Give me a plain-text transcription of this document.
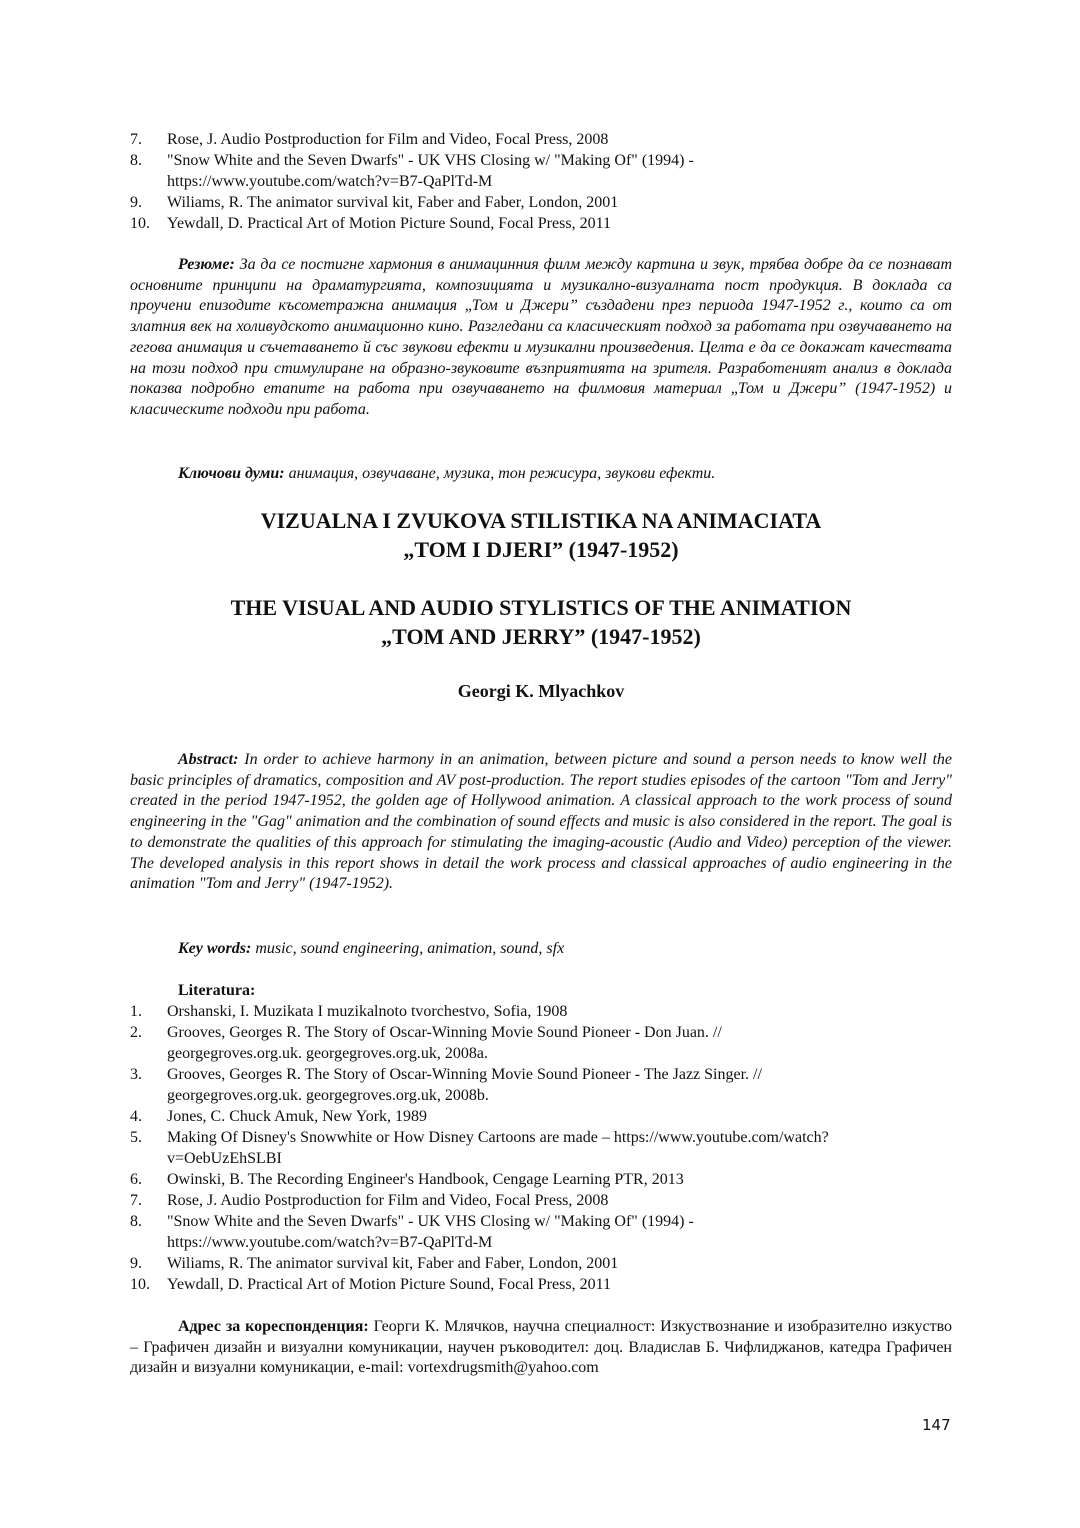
7.	Rose, J. Audio Postproduction for Film and Video, Focal Press, 2008
8.	"Snow White and the Seven Dwarfs" - UK VHS Closing w/ "Making Of" (1994) - https://www.youtube.com/watch?v=B7-QaPlTd-M
9.	Wiliams, R. The animator survival kit, Faber and Faber, London, 2001
10.	Yewdall, D. Practical Art of Motion Picture Sound, Focal Press, 2011
Резюме: За да се постигне хармония в анимацинния филм между картина и звук, трябва добре да се познават основните принципи на драматургията, композицията и музикално-визуалната пост продукция. В доклада са проучени епизодите късометражна анимация „Том и Джери” създадени през периода 1947-1952 г., които са от златния век на холивудското анимационно кино. Разгледани са класическият подход за работата при озвучаването на гегова анимация и съчетаването й със звукови ефекти и музикални произведения. Целта е да се докажат качествата на този подход при стимулиране на образно-звуковите възприятията на зрителя. Разработеният анализ в доклада показва подробно етапите на работа при озвучаването на филмовия материал „Том и Джери” (1947-1952) и класическите подходи при работа.
Ключови думи: анимация, озвучаване, музика, тон режисура, звукови ефекти.
VIZUALNA I ZVUKOVA STILISTIKA NA ANIMACIATA
„TOM I DJERI” (1947-1952)
THE VISUAL AND AUDIO STYLISTICS OF THE ANIMATION
„TOM AND JERRY” (1947-1952)
Georgi K. Mlyachkov
Abstract: In order to achieve harmony in an animation, between picture and sound a person needs to know well the basic principles of dramatics, composition and AV post-production. The report studies episodes of the cartoon "Tom and Jerry" created in the period 1947-1952, the golden age of Hollywood animation. A classical approach to the work process of sound engineering in the "Gag" animation and the combination of sound effects and music is also considered in the report. The goal is to demonstrate the qualities of this approach for stimulating the imaging-acoustic (Audio and Video) perception of the viewer. The developed analysis in this report shows in detail the work process and classical approaches of audio engineering in the animation "Tom and Jerry" (1947-1952).
Key words: music, sound engineering, animation, sound, sfx
Literatura:
1.	Orshanski, I. Muzikata I muzikalnoto tvorchestvo, Sofia, 1908
2.	Grooves, Georges R. The Story of Oscar-Winning Movie Sound Pioneer - Don Juan. // georgegroves.org.uk. georgegroves.org.uk, 2008a.
3.	Grooves, Georges R. The Story of Oscar-Winning Movie Sound Pioneer - The Jazz Singer. // georgegroves.org.uk. georgegroves.org.uk, 2008b.
4.	Jones, C. Chuck Amuk, New York, 1989
5.	Making Of Disney's Snowwhite or How Disney Cartoons are made – https://www.youtube.com/watch?v=OebUzEhSLBI
6.	Owinski, B. The Recording Engineer's Handbook, Cengage Learning PTR, 2013
7.	Rose, J. Audio Postproduction for Film and Video, Focal Press, 2008
8.	"Snow White and the Seven Dwarfs" - UK VHS Closing w/ "Making Of" (1994) - https://www.youtube.com/watch?v=B7-QaPlTd-M
9.	Wiliams, R. The animator survival kit, Faber and Faber, London, 2001
10.	Yewdall, D. Practical Art of Motion Picture Sound, Focal Press, 2011
Адрес за кореспонденция: Георги К. Млячков, научна специалност: Изкуствознание и изобразително изкуство – Графичен дизайн и визуални комуникации, научен ръководител: доц. Владислав Б. Чифлиджанов, катедра Графичен дизайн и визуални комуникации, e-mail: vortexdrugsmith@yahoo.com
147
